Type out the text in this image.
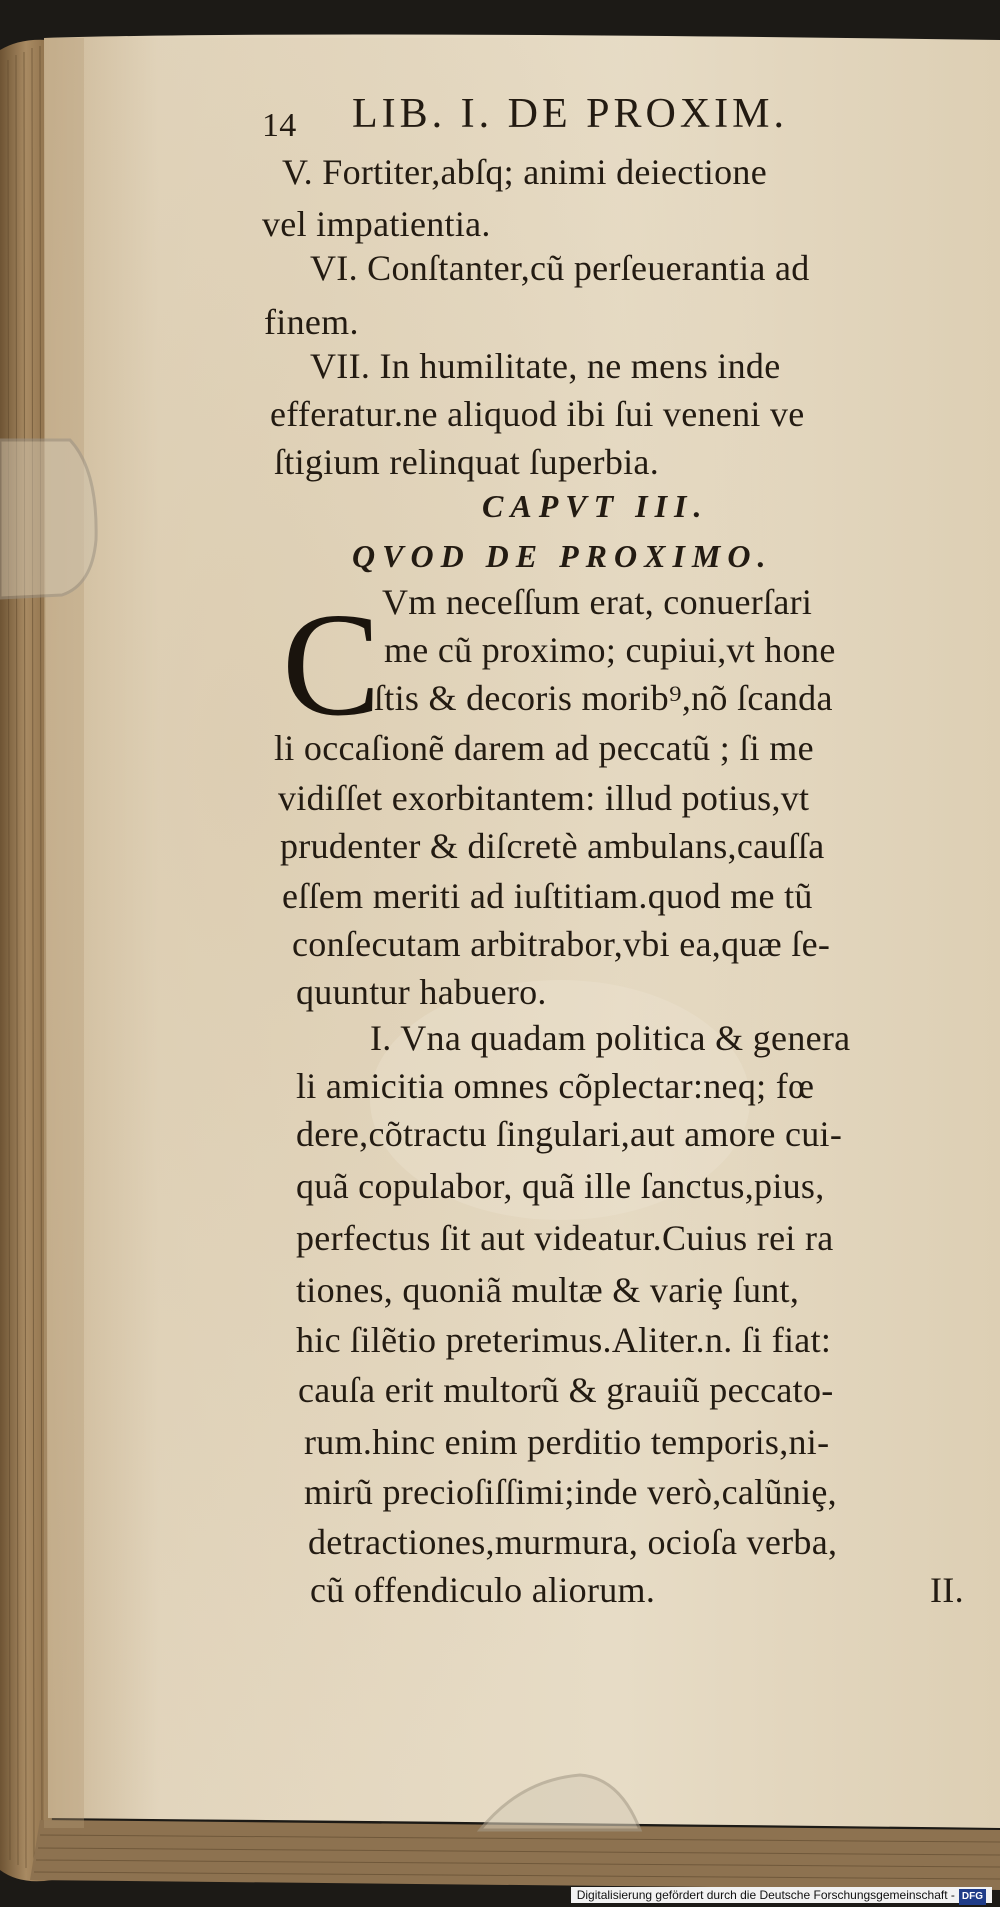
14 LIB. I. DE PROXIM.
V. Fortiter,abſq; animi deiectione
vel impatientia.
VI. Conſtanter,cũ perſeuerantia ad
finem.
VII. In humilitate, ne mens inde
efferatur.ne aliquod ibi ſui veneni ve
ſtigium relinquat ſuperbia.
CAPVT III.
QVOD DE PROXIMO.
C Vm neceſſum erat, conuerſari
me cũ proximo; cupiui,vt hone
ſtis & decoris morib⁹,nõ ſcanda
li occaſionẽ darem ad peccatũ ; ſi me
vidiſſet exorbitantem: illud potius,vt
prudenter & diſcretè ambulans,cauſſa
eſſem meriti ad iuſtitiam.quod me tũ
conſecutam arbitrabor,vbi ea,quæ ſe-
quuntur habuero.
I. Vna quadam politica & genera
li amicitia omnes cõplectar:neq; fœ
dere,cõtractu ſingulari,aut amore cui-
quã copulabor, quã ille ſanctus,pius,
perfectus ſit aut videatur.Cuius rei ra
tiones, quoniã multæ & variȩ ſunt,
hic ſilẽtio preterimus.Aliter.n. ſi fiat:
cauſa erit multorũ & grauiũ peccato-
rum.hinc enim perditio temporis,ni-
mirũ precioſiſſimi;inde verò,calũniȩ,
detractiones,murmura, ocioſa verba,
cũ offendiculo aliorum.	II.
Digitalisierung gefördert durch die Deutsche Forschungsgemeinschaft - DFG
